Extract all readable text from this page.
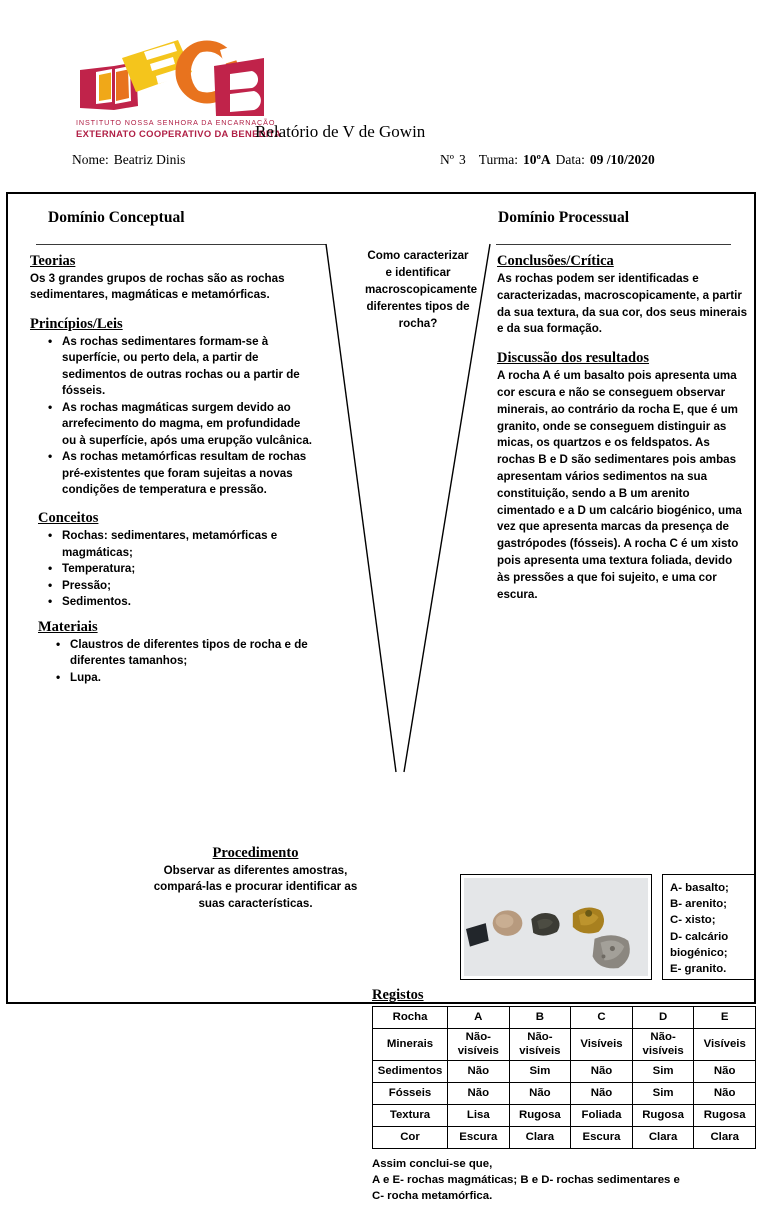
INSTITUTO NOSSA SENHORA DA ENCARNAÇÃO
EXTERNATO COOPERATIVO DA BENEDITA
Relatório de V de Gowin
Nome: Beatriz Dinis	Nº 3 Turma: 10ºA Data: 09 /10/2020
Domínio Conceptual	Domínio Processual
Teorias

Os 3 grandes grupos de rochas são as rochas sedimentares, magmáticas e metamórficas.

Princípios/Leis
• As rochas sedimentares formam-se à superfície, ou perto dela, a partir de sedimentos de outras rochas ou a partir de fósseis.
• As rochas magmáticas surgem devido ao arrefecimento do magma, em profundidade ou à superfície, após uma erupção vulcânica.
• As rochas metamórficas resultam de rochas pré-existentes que foram sujeitas a novas condições de temperatura e pressão.
Conceitos
• Rochas: sedimentares, metamórficas e magmáticas;
• Temperatura;
• Pressão;
• Sedimentos.
Materiais
• Claustros de diferentes tipos de rocha e de diferentes tamanhos;
• Lupa.
Procedimento

Observar as diferentes amostras, compará-las e procurar identificar as suas características.

Como caracterizar e identificar macroscopicamente diferentes tipos de rocha?
Conclusões/Crítica

As rochas podem ser identificadas e caracterizadas, macroscopicamente, a partir da sua textura, da sua cor, dos seus minerais e da sua formação.

Discussão dos resultados

A rocha A é um basalto pois apresenta uma cor escura e não se conseguem observar minerais, ao contrário da rocha E, que é um granito, onde se conseguem distinguir as micas, os quartzos e os feldspatos. As rochas B e D são sedimentares pois ambas apresentam vários sedimentos na sua constituição, sendo a B um arenito cimentado e a D um calcário biogénico, uma vez que apresenta marcas da presença de gastrópodes (fósseis). A rocha C é um xisto pois apresenta uma textura foliada, devido às pressões a que foi sujeito, e uma cor escura.

A- basalto;
B- arenito;
C- xisto;
D- calcário
biogénico;
E- granito.
Registos
Rocha	A	B	C	D	E
Minerais	Não-visíveis	Não-visíveis	Visíveis	Não-visíveis	Visíveis
Sedimentos	Não	Sim	Não	Sim	Não
Fósseis	Não	Não	Não	Sim	Não
Textura	Lisa	Rugosa	Foliada	Rugosa	Rugosa
Cor	Escura	Clara	Escura	Clara	Clara
Assim conclui-se que,
A e E- rochas magmáticas; B e D- rochas sedimentares e
C- rocha metamórfica.
